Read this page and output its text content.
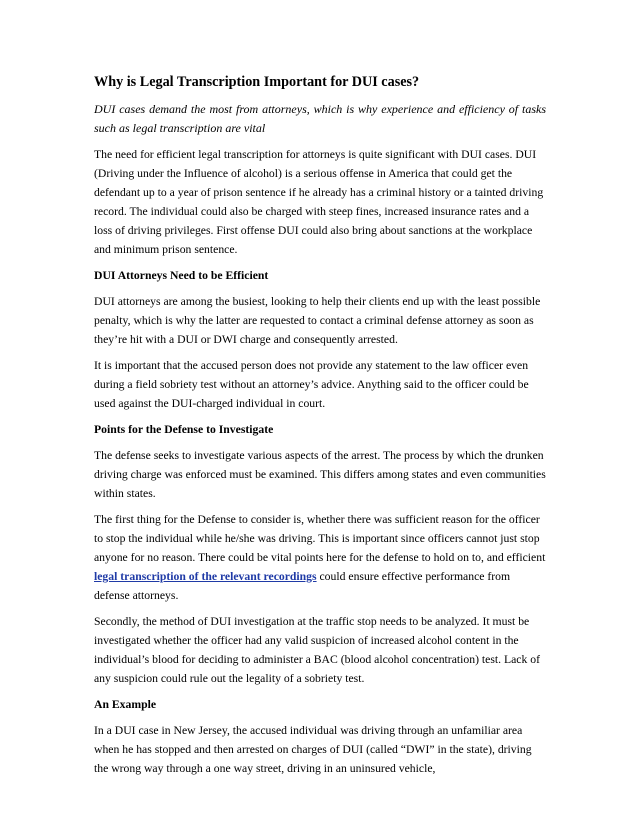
Why is Legal Transcription Important for DUI cases?
DUI cases demand the most from attorneys, which is why experience and efficiency of tasks such as legal transcription are vital

The need for efficient legal transcription for attorneys is quite significant with DUI cases. DUI (Driving under the Influence of alcohol) is a serious offense in America that could get the defendant up to a year of prison sentence if he already has a criminal history or a tainted driving record. The individual could also be charged with steep fines, increased insurance rates and a loss of driving privileges. First offense DUI could also bring about sanctions at the workplace and minimum prison sentence.

DUI Attorneys Need to be Efficient

DUI attorneys are among the busiest, looking to help their clients end up with the least possible penalty, which is why the latter are requested to contact a criminal defense attorney as soon as they’re hit with a DUI or DWI charge and consequently arrested.

It is important that the accused person does not provide any statement to the law officer even during a field sobriety test without an attorney’s advice. Anything said to the officer could be used against the DUI-charged individual in court.

Points for the Defense to Investigate

The defense seeks to investigate various aspects of the arrest. The process by which the drunken driving charge was enforced must be examined. This differs among states and even communities within states.

The first thing for the Defense to consider is, whether there was sufficient reason for the officer to stop the individual while he/she was driving. This is important since officers cannot just stop anyone for no reason. There could be vital points here for the defense to hold on to, and efficient legal transcription of the relevant recordings could ensure effective performance from defense attorneys.

Secondly, the method of DUI investigation at the traffic stop needs to be analyzed. It must be investigated whether the officer had any valid suspicion of increased alcohol content in the individual’s blood for deciding to administer a BAC (blood alcohol concentration) test. Lack of any suspicion could rule out the legality of a sobriety test.

An Example

In a DUI case in New Jersey, the accused individual was driving through an unfamiliar area when he has stopped and then arrested on charges of DUI (called “DWI” in the state), driving the wrong way through a one way street, driving in an uninsured vehicle,
